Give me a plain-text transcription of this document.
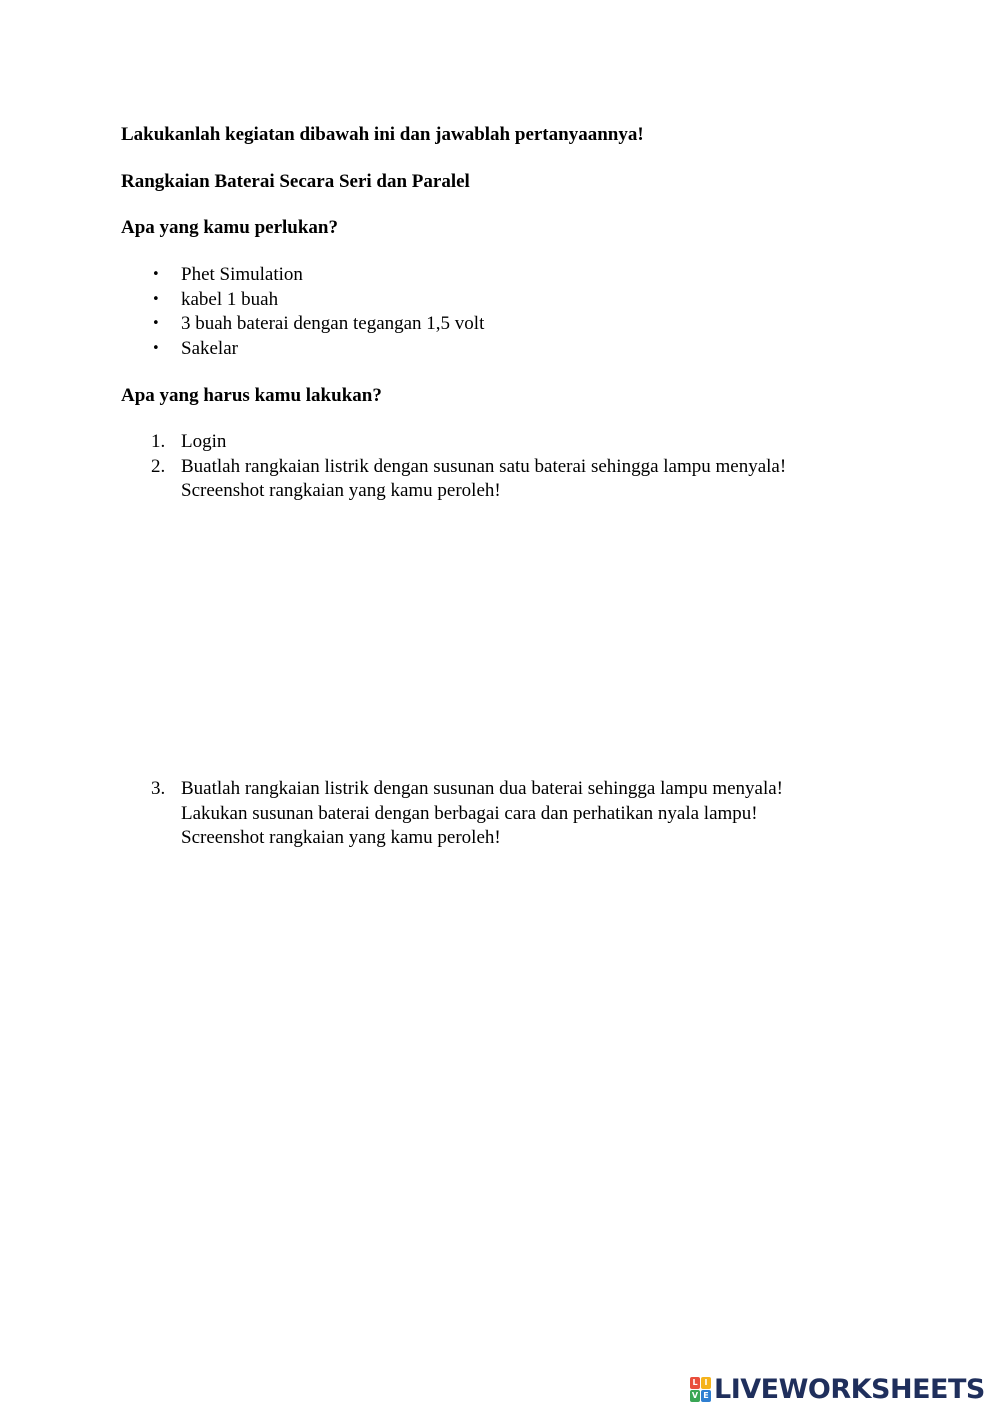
Lakukanlah kegiatan dibawah ini dan jawablah pertanyaannya!

Rangkaian Baterai Secara Seri dan Paralel

Apa yang kamu perlukan?

•	Phet Simulation
•	kabel 1 buah
•	3 buah baterai dengan tegangan 1,5 volt
•	Sakelar

Apa yang harus kamu lakukan?

1. Login
2. Buatlah rangkaian listrik dengan susunan satu baterai sehingga lampu menyala!
Screenshot rangkaian yang kamu peroleh!
3. Buatlah rangkaian listrik dengan susunan dua baterai sehingga lampu menyala!
Lakukan susunan baterai dengan berbagai cara dan perhatikan nyala lampu!
Screenshot rangkaian yang kamu peroleh!
L I
V E LIVEWORKSHEETS
